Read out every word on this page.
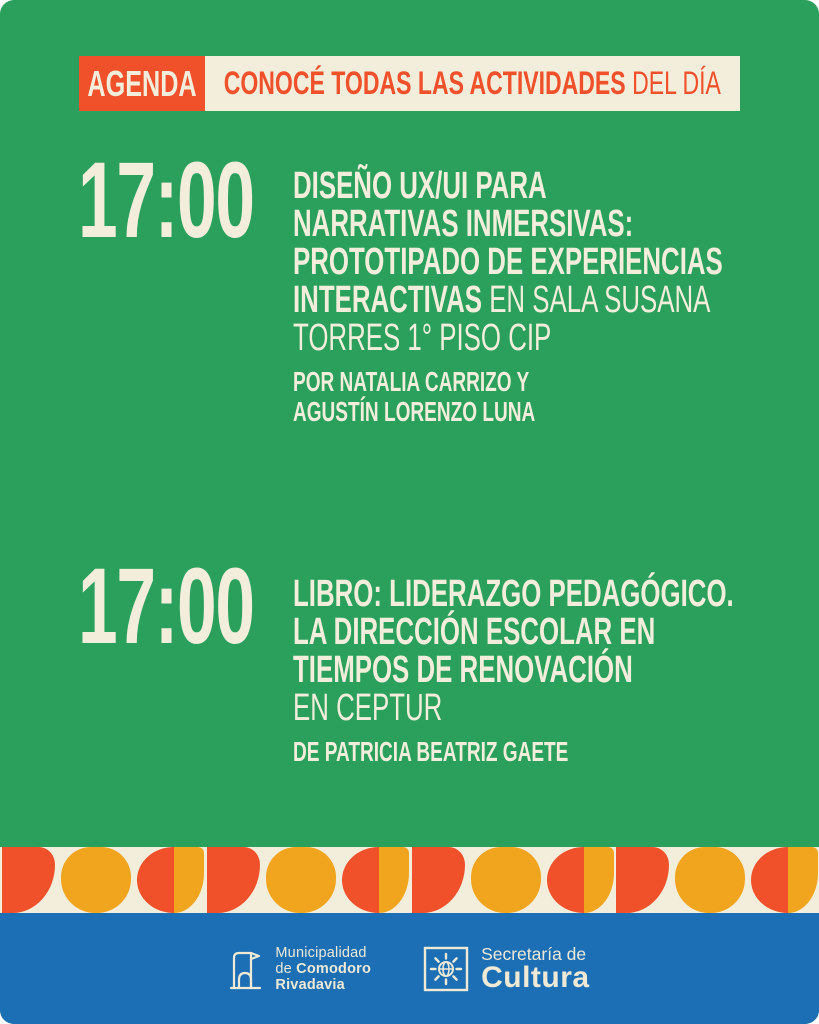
AGENDA CONOCÉ TODAS LAS ACTIVIDADES DEL DÍA
17:00 DISEÑO UX/UI PARA
NARRATIVAS INMERSIVAS:
PROTOTIPADO DE EXPERIENCIAS
INTERACTIVAS EN SALA SUSANA
TORRES 1° PISO CIP
POR NATALIA CARRIZO Y
AGUSTÍN LORENZO LUNA
17:00 LIBRO: LIDERAZGO PEDAGÓGICO.
LA DIRECCIÓN ESCOLAR EN
TIEMPOS DE RENOVACIÓN
EN CEPTUR
DE PATRICIA BEATRIZ GAETE
Municipalidad
de Comodoro
Rivadavia
Secretaría de
Cultura
